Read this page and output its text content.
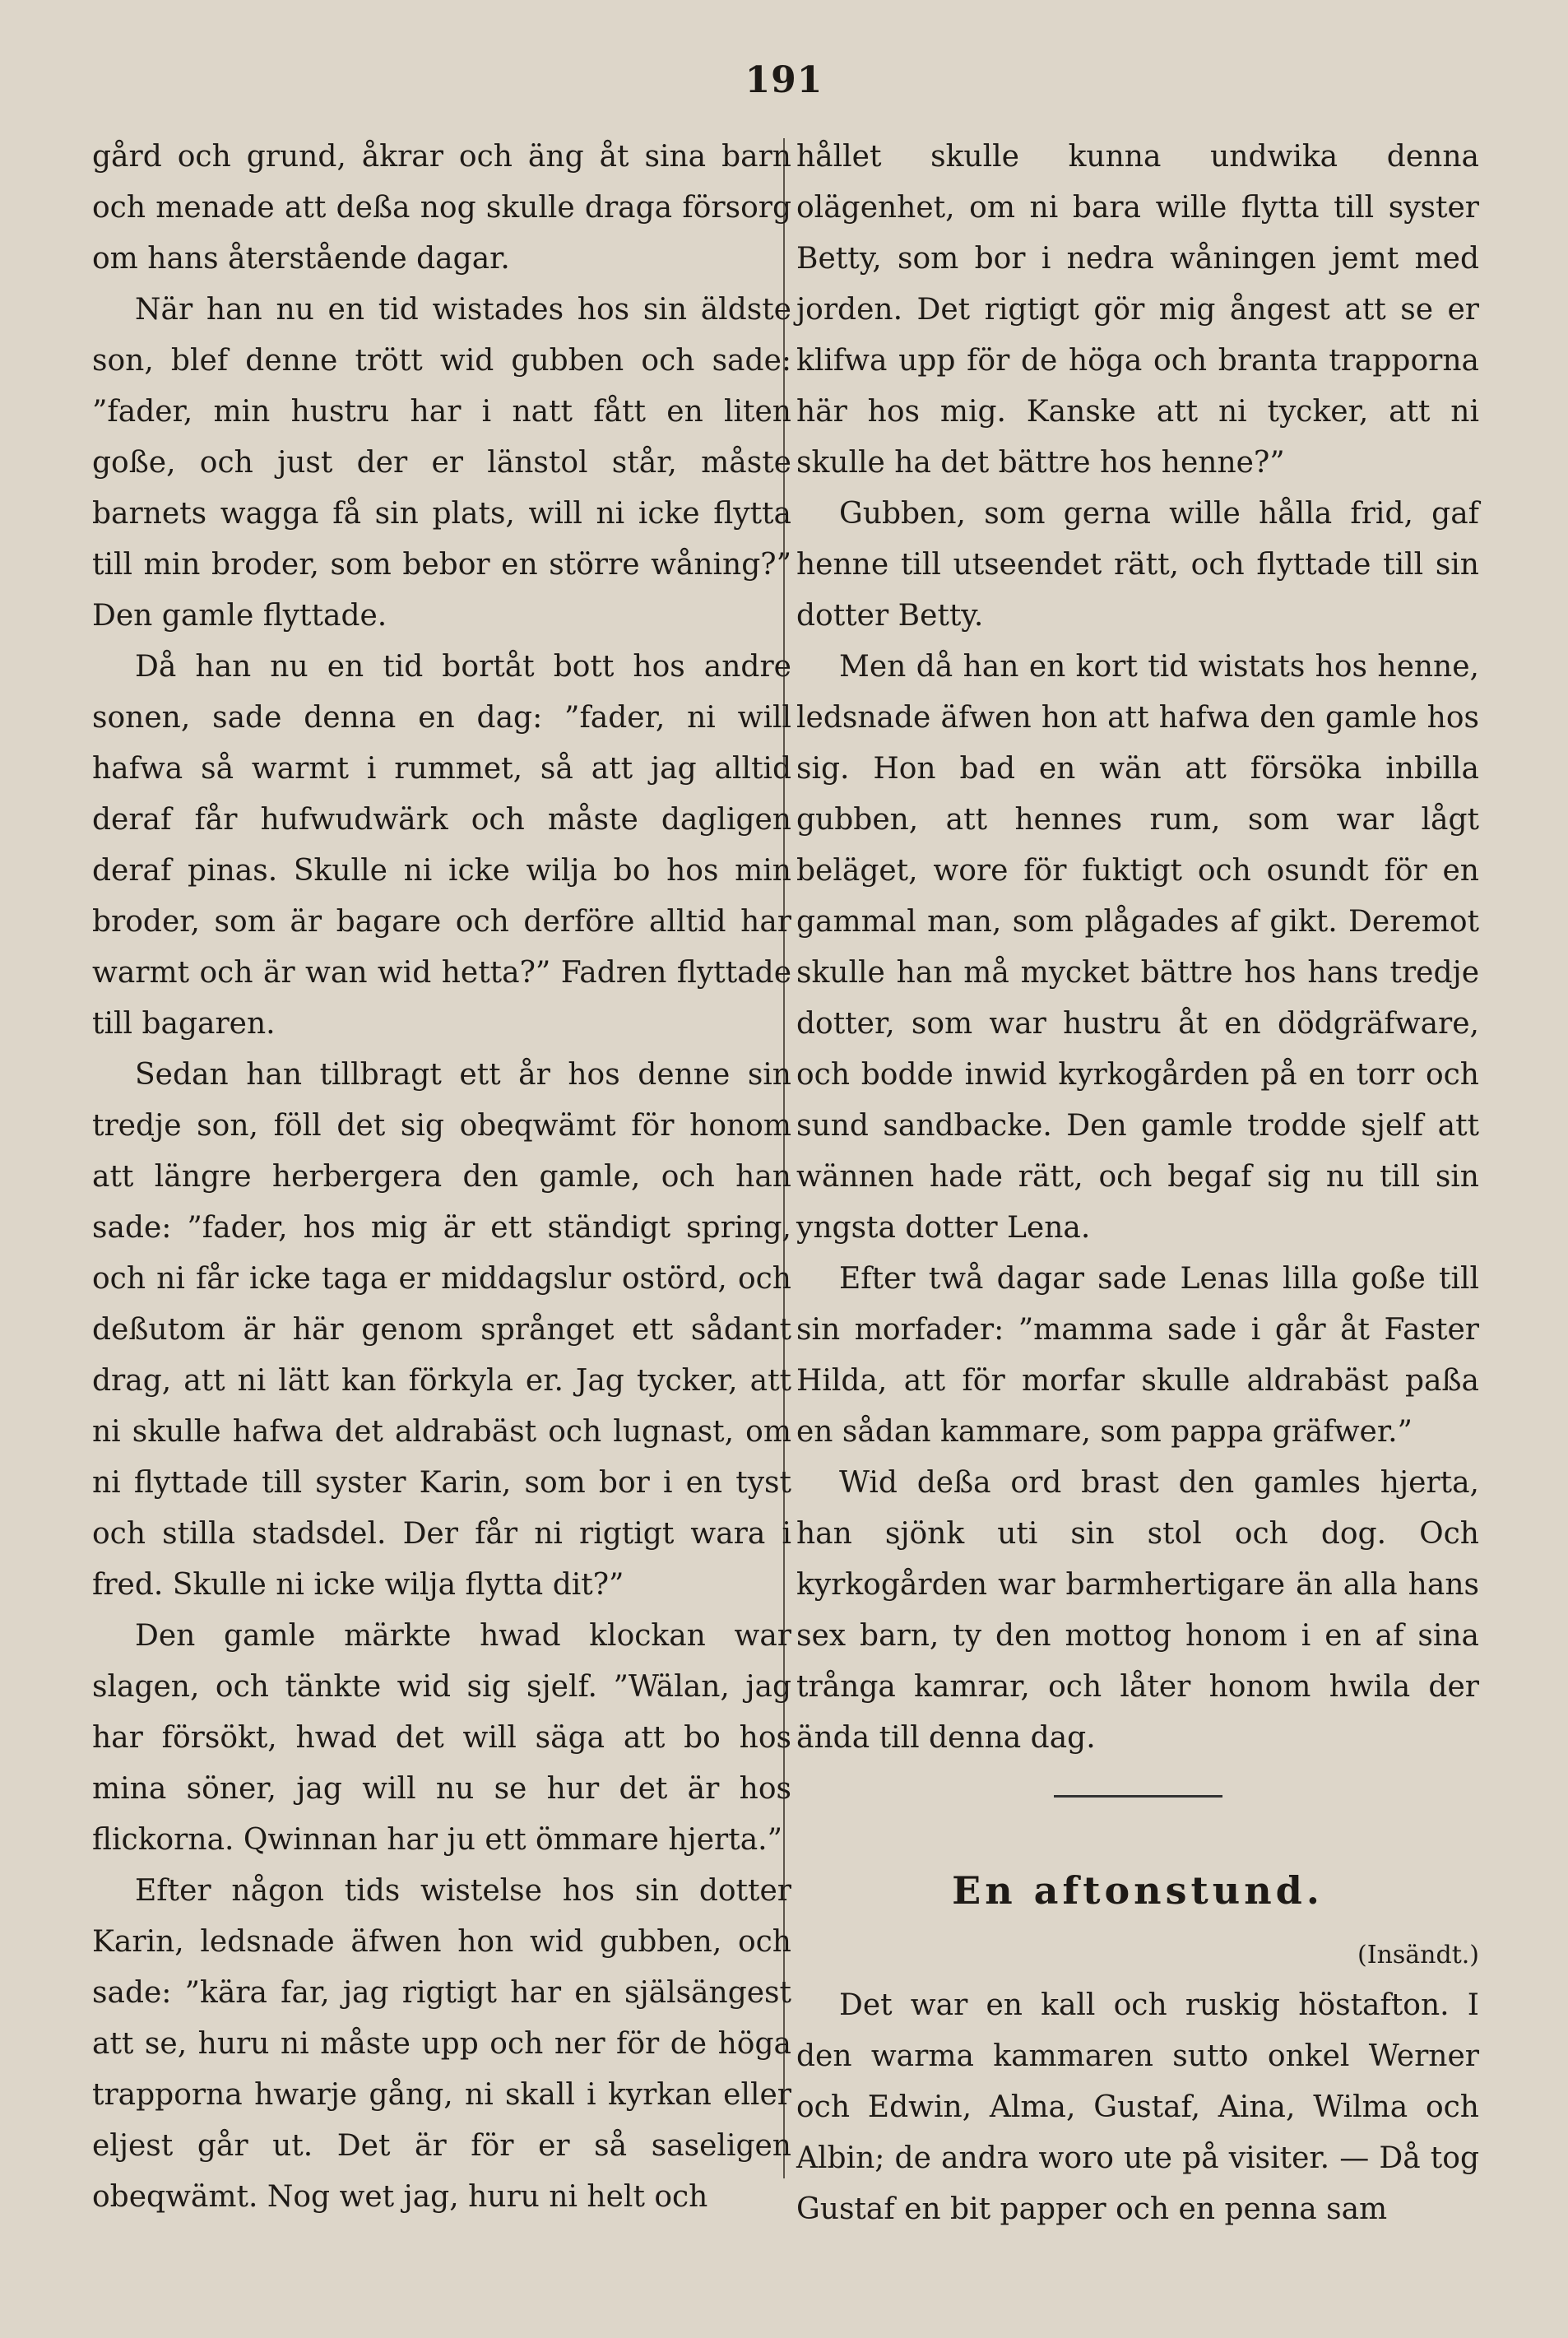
191

gård och grund, åkrar och äng åt sina barn och menade att deßa nog skulle draga försorg om hans återstående dagar.

När han nu en tid wistades hos sin äldste son, blef denne trött wid gubben och sade: ”fader, min hustru har i natt fått en liten goße, och just der er länstol står, måste barnets wagga få sin plats, will ni icke flytta till min broder, som bebor en större wåning?” Den gamle flyttade.

Då han nu en tid bortåt bott hos andre sonen, sade denna en dag: ”fader, ni will hafwa så warmt i rummet, så att jag alltid deraf får hufwudwärk och måste dagligen deraf pinas. Skulle ni icke wilja bo hos min broder, som är bagare och derföre alltid har warmt och är wan wid hetta?” Fadren flyttade till bagaren.

Sedan han tillbragt ett år hos denne sin tredje son, föll det sig obeqwämt för honom att längre herbergera den gamle, och han sade: ”fader, hos mig är ett ständigt spring, och ni får icke taga er middagslur ostörd, och deßutom är här genom språnget ett sådant drag, att ni lätt kan förkyla er. Jag tycker, att ni skulle hafwa det aldrabäst och lugnast, om ni flyttade till syster Karin, som bor i en tyst och stilla stadsdel. Der får ni rigtigt wara i fred. Skulle ni icke wilja flytta dit?”

Den gamle märkte hwad klockan war slagen, och tänkte wid sig sjelf. ”Wälan, jag har försökt, hwad det will säga att bo hos mina söner, jag will nu se hur det är hos flickorna. Qwinnan har ju ett ömmare hjerta.”

Efter någon tids wistelse hos sin dotter Karin, ledsnade äfwen hon wid gubben, och sade: ”kära far, jag rigtigt har en själsängest att se, huru ni måste upp och ner för de höga trapporna hwarje gång, ni skall i kyrkan eller eljest går ut. Det är för er så saseligen obeqwämt. Nog wet jag, huru ni helt och

hållet skulle kunna undwika denna olägenhet, om ni bara wille flytta till syster Betty, som bor i nedra wåningen jemt med jorden. Det rigtigt gör mig ångest att se er klifwa upp för de höga och branta trapporna här hos mig. Kanske att ni tycker, att ni skulle ha det bättre hos henne?”

Gubben, som gerna wille hålla frid, gaf henne till utseendet rätt, och flyttade till sin dotter Betty.

Men då han en kort tid wistats hos henne, ledsnade äfwen hon att hafwa den gamle hos sig. Hon bad en wän att försöka inbilla gubben, att hennes rum, som war lågt beläget, wore för fuktigt och osundt för en gammal man, som plågades af gikt. Deremot skulle han må mycket bättre hos hans tredje dotter, som war hustru åt en dödgräfware, och bodde inwid kyrkogården på en torr och sund sandbacke. Den gamle trodde sjelf att wännen hade rätt, och begaf sig nu till sin yngsta dotter Lena.

Efter twå dagar sade Lenas lilla goße till sin morfader: ”mamma sade i går åt Faster Hilda, att för morfar skulle aldrabäst paßa en sådan kammare, som pappa gräfwer.”

Wid deßa ord brast den gamles hjerta, han sjönk uti sin stol och dog. Och kyrkogården war barmhertigare än alla hans sex barn, ty den mottog honom i en af sina trånga kamrar, och låter honom hwila der ända till denna dag.

En aftonstund.
(Insändt.)

Det war en kall och ruskig höstafton. I den warma kammaren sutto onkel Werner och Edwin, Alma, Gustaf, Aina, Wilma och Albin; de andra woro ute på visiter. — Då tog Gustaf en bit papper och en penna sam
